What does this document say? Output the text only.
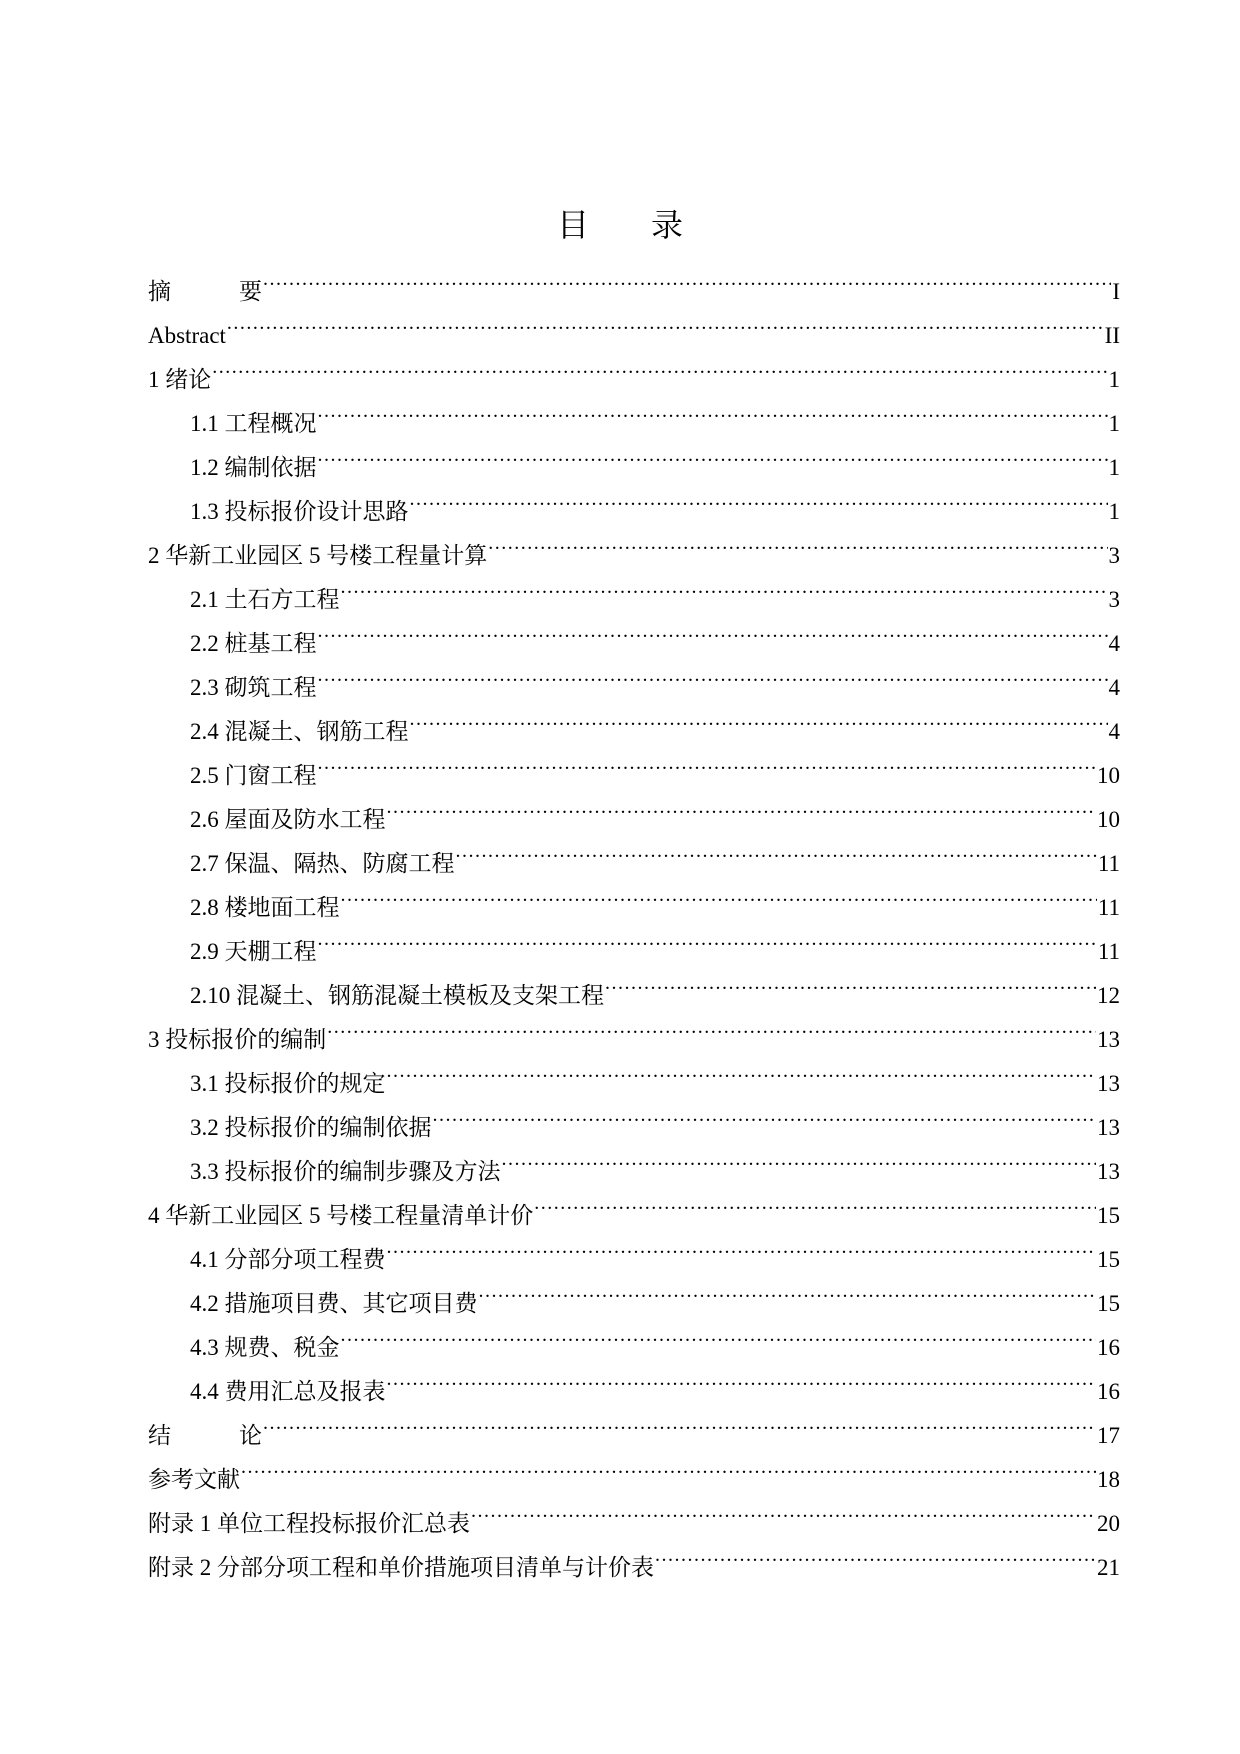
目 录
摘	要 .....	I
Abstract .....	II
1 绪论 .....	1
1.1 工程概况 .....	1
1.2 编制依据 .....	1
1.3 投标报价设计思路 .....	1
2 华新工业园区 5 号楼工程量计算 .....	3
2.1 土石方工程 .....	3
2.2 桩基工程 .....	4
2.3 砌筑工程 .....	4
2.4 混凝土、钢筋工程 .....	4
2.5 门窗工程 .....	10
2.6 屋面及防水工程 .....	10
2.7 保温、隔热、防腐工程 .....	11
2.8 楼地面工程 .....	11
2.9 天棚工程 .....	11
2.10 混凝土、钢筋混凝土模板及支架工程 .....	12
3 投标报价的编制 .....	13
3.1 投标报价的规定 .....	13
3.2 投标报价的编制依据 .....	13
3.3 投标报价的编制步骤及方法 .....	13
4 华新工业园区 5 号楼工程量清单计价 .....	15
4.1 分部分项工程费 .....	15
4.2 措施项目费、其它项目费 .....	15
4.3 规费、税金 .....	16
4.4 费用汇总及报表 .....	16
结	论 .....	17
参考文献 .....	18
附录 1 单位工程投标报价汇总表 .....	20
附录 2 分部分项工程和单价措施项目清单与计价表 .....	21
